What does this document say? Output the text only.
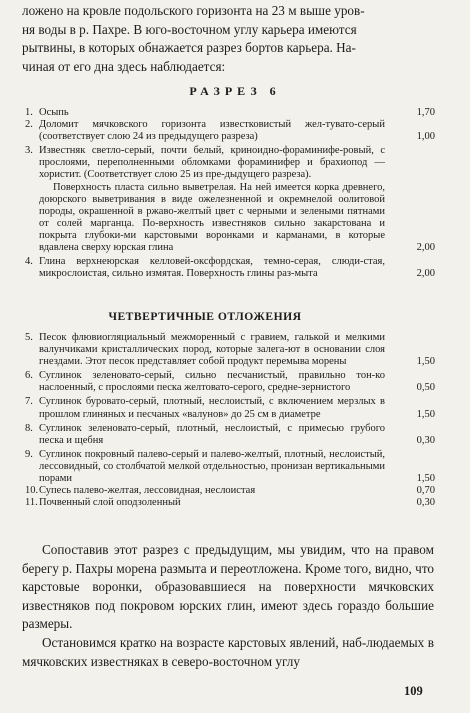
ложено на кровле подольского горизонта на 23 м выше уров-

ня воды в р. Пахре. В юго-восточном углу карьера имеются

рытвины, в которых обнажается разрез бортов карьера. На-

чиная от его дна здесь наблюдается:

РАЗРЕЗ 6
1. Осыпь	1,70
2. Доломит мячковского горизонта известковистый жел-тувато-серый (соответствует слою 24 из предыдущего разреза)	1,00
3. Известняк светло-серый, почти белый, криноидно-фораминифе-ровый, с прослоями, переполненными обломками фораминифер и брахиопод — хористит. (Соответствует слою 25 из пре-дыдущего разреза).

Поверхность пласта сильно выветрелая. На ней имеется корка древнего, доюрского выветривания в виде ожелезненной и окремнелой оолитовой породы, окрашенной в ржаво-желтый цвет с черными и зелеными пятнами от солей марганца. По-верхность известняков сильно закарстована и покрыта глубоки-ми карстовыми воронками и карманами, в которые вдавлена сверху юрская глина	2,00
4. Глина верхнеюрская келловей-оксфордская, темно-серая, слюди-стая, микрослоистая, сильно измятая. Поверхность глины раз-мыта	2,00
ЧЕТВЕРТИЧНЫЕ ОТЛОЖЕНИЯ
5. Песок флювиогляциальный межморенный с гравием, галькой и мелкими валунчиками кристаллических пород, которые залега-ют в основании слоя гнездами. Этот песок представляет собой продукт перемыва морены	1,50
6. Суглинок зеленовато-серый, сильно песчанистый, правильно тон-ко наслоенный, с прослоями песка желтовато-серого, средне-зернистого	0,50
7. Суглинок буровато-серый, плотный, неслоистый, с включением мерзлых в прошлом глиняных и песчаных «валунов» до 25 см в диаметре	1,50
8. Суглинок зеленовато-серый, плотный, неслоистый, с примесью грубого песка и щебня	0,30
9. Суглинок покровный палево-серый и палево-желтый, плотный, неслоистый, лессовидный, со столбчатой мелкой отдельностью, пронизан вертикальными порами	1,50
10. Супесь палево-желтая, лессовидная, неслоистая	0,70
11. Почвенный слой оподзоленный	0,30

Сопоставив этот разрез с предыдущим, мы увидим, что на правом берегу р. Пахры морена размыта и переотложена. Кроме того, видно, что карстовые воронки, образовавшиеся на поверхности мячковских известняков под покровом юрских глин, имеют здесь гораздо большие размеры.

Остановимся кратко на возрасте карстовых явлений, наб-людаемых в мячковских известняках в северо-восточном углу

109
